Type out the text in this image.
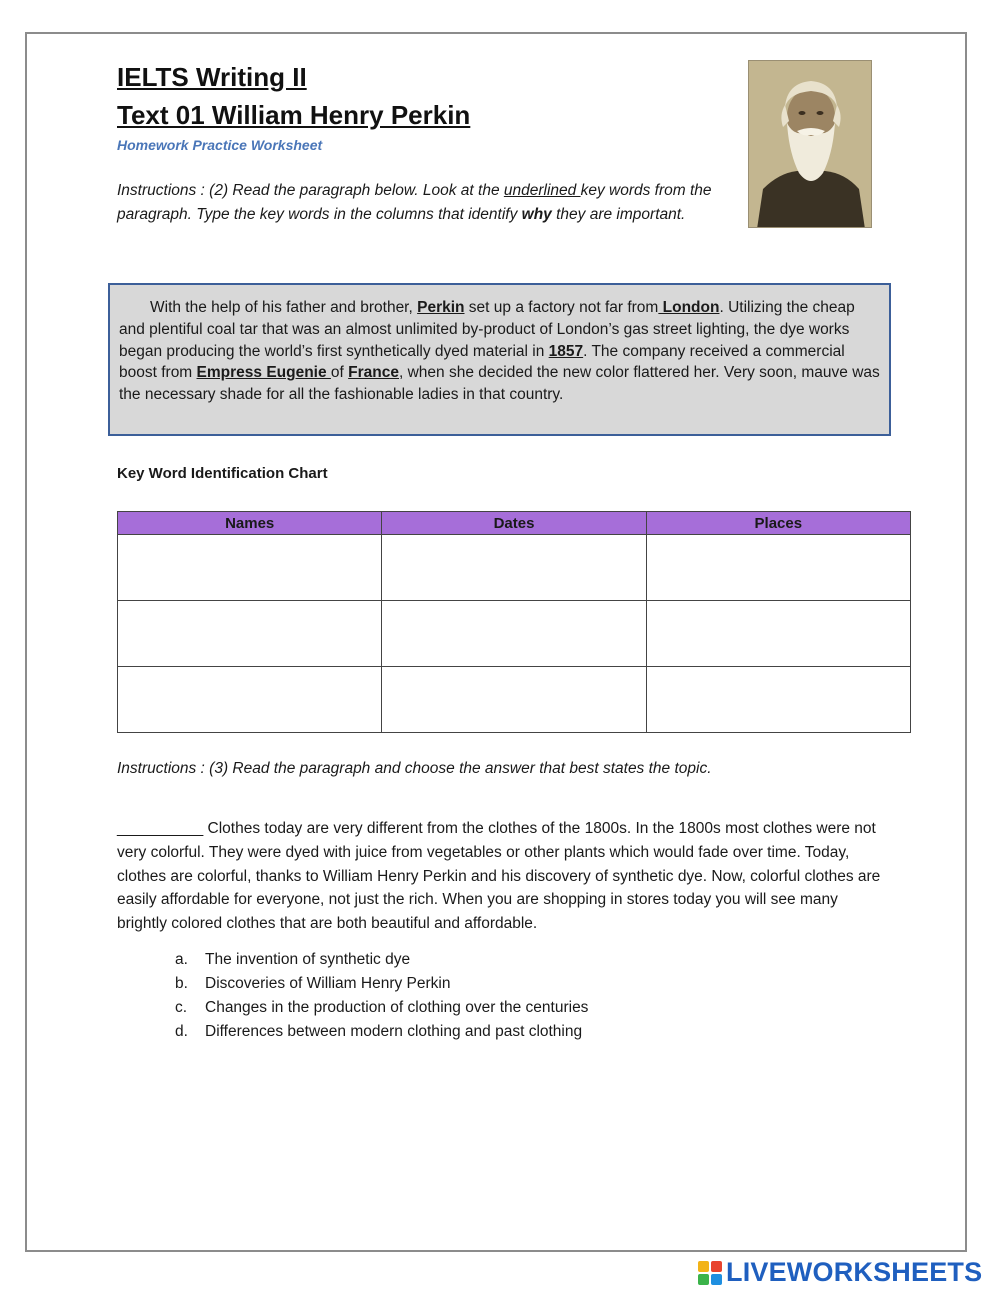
IELTS Writing II
Text 01 William Henry Perkin
Homework Practice Worksheet
Instructions : (2) Read the paragraph below. Look at the underlined key words from the paragraph. Type the key words in the columns that identify why they are important.
With the help of his father and brother, Perkin set up a factory not far from London. Utilizing the cheap and plentiful coal tar that was an almost unlimited by-product of London’s gas street lighting, the dye works began producing the world’s first synthetically dyed material in 1857. The company received a commercial boost from Empress Eugenie of France, when she decided the new color flattered her. Very soon, mauve was the necessary shade for all the fashionable ladies in that country.
Key Word Identification Chart
Names	Dates	Places

Instructions : (3) Read the paragraph and choose the answer that best states the topic.
__________ Clothes today are very different from the clothes of the 1800s. In the 1800s most clothes were not very colorful. They were dyed with juice from vegetables or other plants which would fade over time. Today, clothes are colorful, thanks to William Henry Perkin and his discovery of synthetic dye. Now, colorful clothes are easily affordable for everyone, not just the rich. When you are shopping in stores today you will see many brightly colored clothes that are both beautiful and affordable.
a.	The invention of synthetic dye
b.	Discoveries of William Henry Perkin
c.	Changes in the production of clothing over the centuries
d.	Differences between modern clothing and past clothing
LIVEWORKSHEETS
